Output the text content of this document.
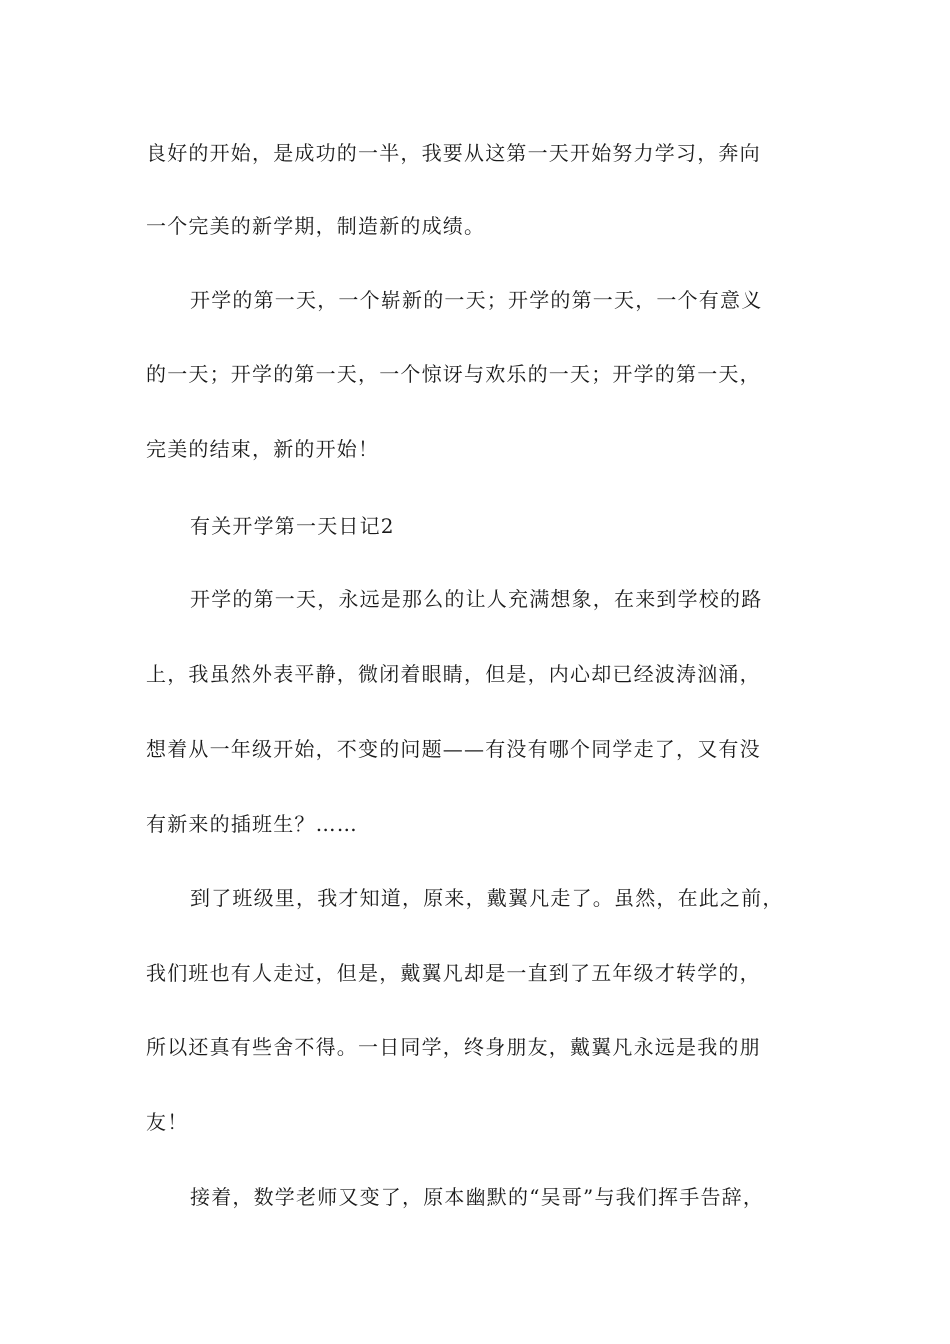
良好的开始，是成功的一半，我要从这第一天开始努力学习，奔向

一个完美的新学期，制造新的成绩。

开学的第一天，一个崭新的一天；开学的第一天，一个有意义

的一天；开学的第一天，一个惊讶与欢乐的一天；开学的第一天，

完美的结束，新的开始！

有关开学第一天日记2

开学的第一天，永远是那么的让人充满想象，在来到学校的路

上，我虽然外表平静，微闭着眼睛，但是，内心却已经波涛汹涌，

想着从一年级开始，不变的问题——有没有哪个同学走了，又有没

有新来的插班生？……

到了班级里，我才知道，原来，戴翼凡走了。虽然，在此之前，

我们班也有人走过，但是，戴翼凡却是一直到了五年级才转学的，

所以还真有些舍不得。一日同学，终身朋友，戴翼凡永远是我的朋

友！

接着，数学老师又变了，原本幽默的“吴哥”与我们挥手告辞，
